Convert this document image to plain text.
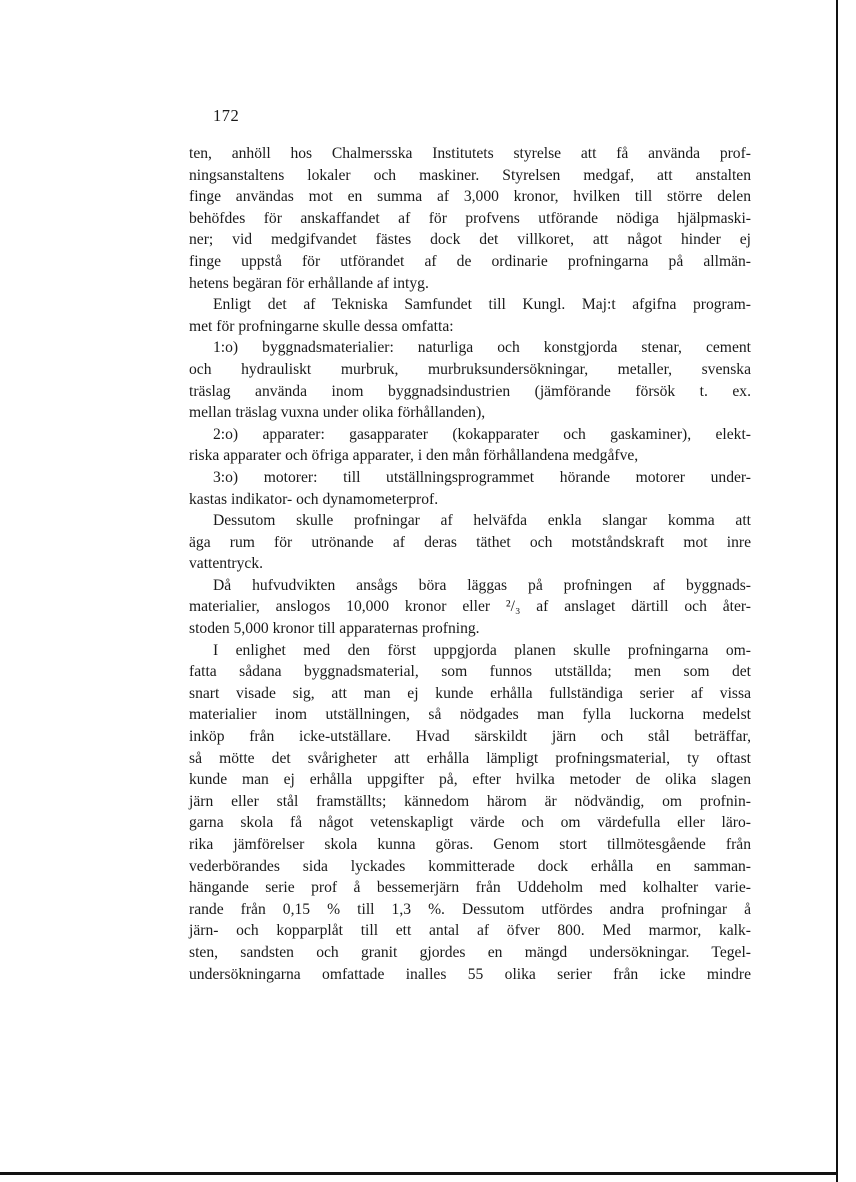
172
ten, anhöll hos Chalmersska Institutets styrelse att få använda prof-
ningsanstaltens lokaler och maskiner. Styrelsen medgaf, att anstalten
finge användas mot en summa af 3,000 kronor, hvilken till större delen
behöfdes för anskaffandet af för profvens utförande nödiga hjälpmaski-
ner; vid medgifvandet fästes dock det villkoret, att något hinder ej
finge uppstå för utförandet af de ordinarie profningarna på allmän-
hetens begäran för erhållande af intyg.
Enligt det af Tekniska Samfundet till Kungl. Maj:t afgifna program-
met för profningarne skulle dessa omfatta:
1:o) byggnadsmaterialier: naturliga och konstgjorda stenar, cement
och hydrauliskt murbruk, murbruksundersökningar, metaller, svenska
träslag använda inom byggnadsindustrien (jämförande försök t. ex.
mellan träslag vuxna under olika förhållanden),
2:o) apparater: gasapparater (kokapparater och gaskaminer), elekt-
riska apparater och öfriga apparater, i den mån förhållandena medgåfve,
3:o) motorer: till utställningsprogrammet hörande motorer under-
kastas indikator- och dynamometerprof.
Dessutom skulle profningar af helväfda enkla slangar komma att
äga rum för utrönande af deras täthet och motståndskraft mot inre
vattentryck.
Då hufvudvikten ansågs böra läggas på profningen af byggnads-
materialier, anslogos 10,000 kronor eller ²/₃ af anslaget därtill och åter-
stoden 5,000 kronor till apparaternas profning.
I enlighet med den först uppgjorda planen skulle profningarna om-
fatta sådana byggnadsmaterial, som funnos utställda; men som det
snart visade sig, att man ej kunde erhålla fullständiga serier af vissa
materialier inom utställningen, så nödgades man fylla luckorna medelst
inköp från icke-utställare. Hvad särskildt järn och stål beträffar,
så mötte det svårigheter att erhålla lämpligt profningsmaterial, ty oftast
kunde man ej erhålla uppgifter på, efter hvilka metoder de olika slagen
järn eller stål framställts; kännedom härom är nödvändig, om profnin-
garna skola få något vetenskapligt värde och om värdefulla eller läro-
rika jämförelser skola kunna göras. Genom stort tillmötesgående från
vederbörandes sida lyckades kommitterade dock erhålla en samman-
hängande serie prof å bessemerjärn från Uddeholm med kolhalter varie-
rande från 0,15 % till 1,3 %. Dessutom utfördes andra profningar å
järn- och kopparplåt till ett antal af öfver 800. Med marmor, kalk-
sten, sandsten och granit gjordes en mängd undersökningar. Tegel-
undersökningarna omfattade inalles 55 olika serier från icke mindre
